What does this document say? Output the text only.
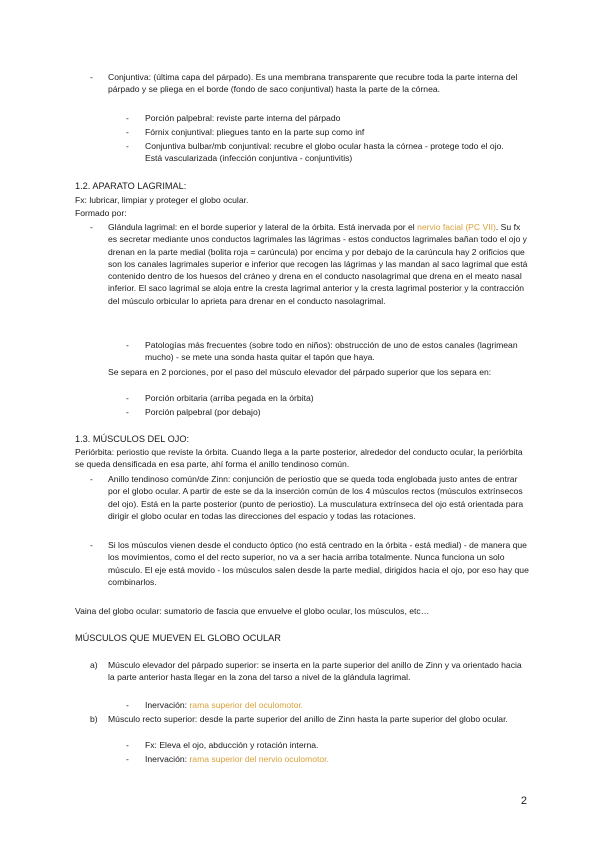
- Conjuntiva: (última capa del párpado). Es una membrana transparente que recubre toda la parte interna del párpado y se pliega en el borde (fondo de saco conjuntival) hasta la parte de la córnea.

- Porción palpebral: reviste parte interna del párpado

- Fórnix conjuntival: pliegues tanto en la parte sup como inf

- Conjuntiva bulbar/mb conjuntival: recubre el globo ocular hasta la córnea - protege todo el ojo. Está vascularizada (infección conjuntiva - conjuntivitis)

1.2. APARATO LAGRIMAL:
Fx: lubricar, limpiar y proteger el globo ocular.
Formado por:
- Glándula lagrimal: en el borde superior y lateral de la órbita. Está inervada por el nervio facial (PC VII). Su fx es secretar mediante unos conductos lagrimales las lágrimas - estos conductos lagrimales bañan todo el ojo y drenan en la parte medial (bolita roja = carúncula) por encima y por debajo de la carúncula hay 2 orificios que son los canales lagrimales superior e inferior que recogen las lágrimas y las mandan al saco lagrimal que está contenido dentro de los huesos del cráneo y drena en el conducto nasolagrimal que drena en el meato nasal inferior. El saco lagrimal se aloja entre la cresta lagrimal anterior y la cresta lagrimal posterior y la contracción del músculo orbicular lo aprieta para drenar en el conducto nasolagrimal.

- Patologías más frecuentes (sobre todo en niños): obstrucción de uno de estos canales (lagrimean mucho) - se mete una sonda hasta quitar el tapón que haya.

Se separa en 2 porciones, por el paso del músculo elevador del párpado superior que los separa en:
- Porción orbitaria (arriba pegada en la órbita)

- Porción palpebral (por debajo)

1.3. MÚSCULOS DEL OJO:
Periórbita: periostio que reviste la órbita. Cuando llega a la parte posterior, alrededor del conducto ocular, la periórbita se queda densificada en esa parte, ahí forma el anillo tendinoso común.
- Anillo tendinoso común/de Zinn: conjunción de periostio que se queda toda englobada justo antes de entrar por el globo ocular. A partir de este se da la inserción común de los 4 músculos rectos (músculos extrínsecos del ojo). Está en la parte posterior (punto de periostio). La musculatura extrínseca del ojo está orientada para dirigir el globo ocular en todas las direcciones del espacio y todas las rotaciones.

- Si los músculos vienen desde el conducto óptico (no está centrado en la órbita - está medial) - de manera que los movimientos, como el del recto superior, no va a ser hacia arriba totalmente. Nunca funciona un solo músculo. El eje está movido - los músculos salen desde la parte medial, dirigidos hacia el ojo, por eso hay que combinarlos.

Vaina del globo ocular: sumatorio de fascia que envuelve el globo ocular, los músculos, etc…
MÚSCULOS QUE MUEVEN EL GLOBO OCULAR
a) Músculo elevador del párpado superior: se inserta en la parte superior del anillo de Zinn y va orientado hacia la parte anterior hasta llegar en la zona del tarso a nivel de la glándula lagrimal.

- Inervación: rama superior del oculomotor.

b) Músculo recto superior: desde la parte superior del anillo de Zinn hasta la parte superior del globo ocular.

- Fx: Eleva el ojo, abducción y rotación interna.

- Inervación: rama superior del nervio oculomotor.

2
